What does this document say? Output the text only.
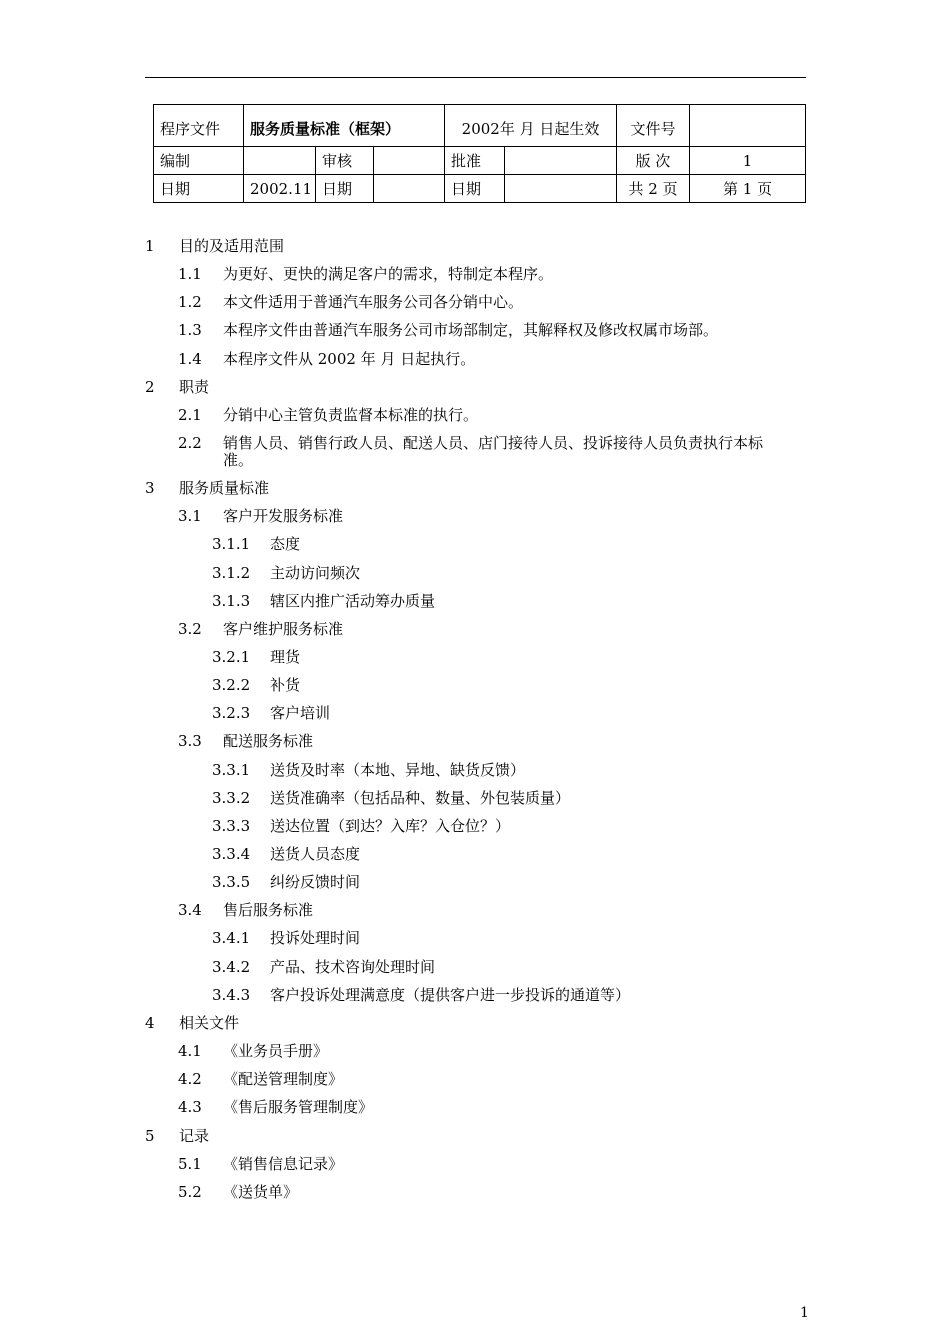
程序文件	服务质量标准（框架）			2002年 月 日起生效		文件号	
编制		审核		批准		版 次	1
日期	2002.11	日期		日期		共 2 页	第 1 页
1 目的及适用范围
1.1 为更好、更快的满足客户的需求，特制定本程序。
1.2 本文件适用于普通汽车服务公司各分销中心。
1.3 本程序文件由普通汽车服务公司市场部制定，其解释权及修改权属市场部。
1.4 本程序文件从 2002 年 月 日起执行。
2 职责
2.1 分销中心主管负责监督本标准的执行。
2.2 销售人员、销售行政人员、配送人员、店门接待人员、投诉接待人员负责执行本标
准。
3 服务质量标准
3.1 客户开发服务标准
3.1.1 态度
3.1.2 主动访问频次
3.1.3 辖区内推广活动筹办质量
3.2 客户维护服务标准
3.2.1 理货
3.2.2 补货
3.2.3 客户培训
3.3 配送服务标准
3.3.1 送货及时率（本地、异地、缺货反馈）
3.3.2 送货准确率（包括品种、数量、外包装质量）
3.3.3 送达位置（到达？入库？入仓位？）
3.3.4 送货人员态度
3.3.5 纠纷反馈时间
3.4 售后服务标准
3.4.1 投诉处理时间
3.4.2 产品、技术咨询处理时间
3.4.3 客户投诉处理满意度（提供客户进一步投诉的通道等）
4 相关文件
4.1 《业务员手册》
4.2 《配送管理制度》
4.3 《售后服务管理制度》
5 记录
5.1 《销售信息记录》
5.2 《送货单》
1
